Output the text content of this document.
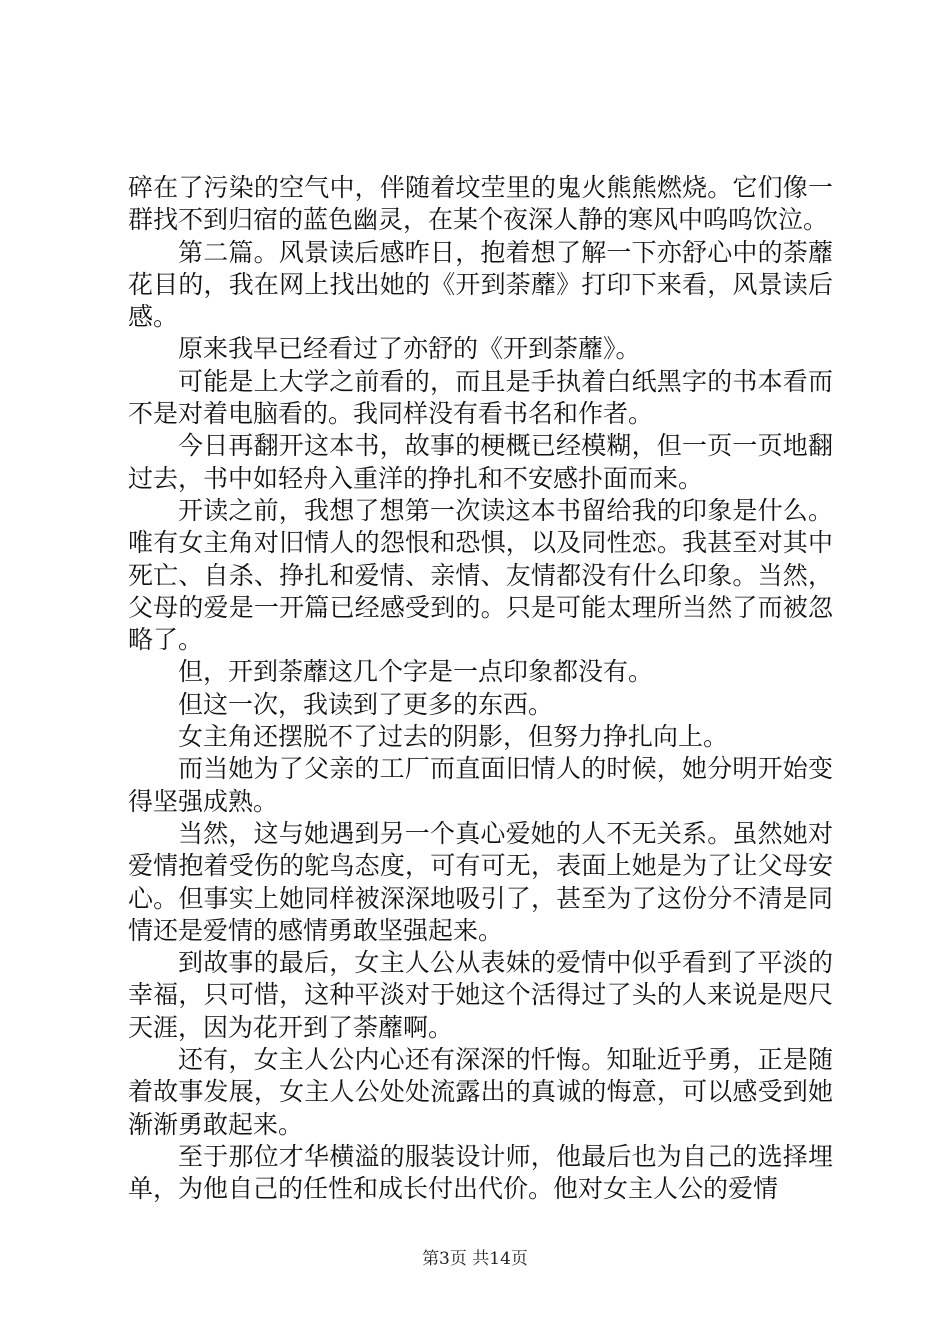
碎在了污染的空气中，伴随着坟茔里的鬼火熊熊燃烧。它们像一群找不到归宿的蓝色幽灵，在某个夜深人静的寒风中呜呜饮泣。

第二篇。风景读后感昨日，抱着想了解一下亦舒心中的荼蘼花目的，我在网上找出她的《开到荼蘼》打印下来看，风景读后感。

原来我早已经看过了亦舒的《开到荼蘼》。

可能是上大学之前看的，而且是手执着白纸黑字的书本看而不是对着电脑看的。我同样没有看书名和作者。

今日再翻开这本书，故事的梗概已经模糊，但一页一页地翻过去，书中如轻舟入重洋的挣扎和不安感扑面而来。

开读之前，我想了想第一次读这本书留给我的印象是什么。唯有女主角对旧情人的怨恨和恐惧，以及同性恋。我甚至对其中死亡、自杀、挣扎和爱情、亲情、友情都没有什么印象。当然，父母的爱是一开篇已经感受到的。只是可能太理所当然了而被忽略了。

但，开到荼蘼这几个字是一点印象都没有。

但这一次，我读到了更多的东西。

女主角还摆脱不了过去的阴影，但努力挣扎向上。

而当她为了父亲的工厂而直面旧情人的时候，她分明开始变得坚强成熟。

当然，这与她遇到另一个真心爱她的人不无关系。虽然她对爱情抱着受伤的鸵鸟态度，可有可无，表面上她是为了让父母安心。但事实上她同样被深深地吸引了，甚至为了这份分不清是同情还是爱情的感情勇敢坚强起来。

到故事的最后，女主人公从表妹的爱情中似乎看到了平淡的幸福，只可惜，这种平淡对于她这个活得过了头的人来说是咫尺天涯，因为花开到了荼蘼啊。

还有，女主人公内心还有深深的忏悔。知耻近乎勇，正是随着故事发展，女主人公处处流露出的真诚的悔意，可以感受到她渐渐勇敢起来。

至于那位才华横溢的服装设计师，他最后也为自己的选择埋单，为他自己的任性和成长付出代价。他对女主人公的爱情

第3页 共14页
